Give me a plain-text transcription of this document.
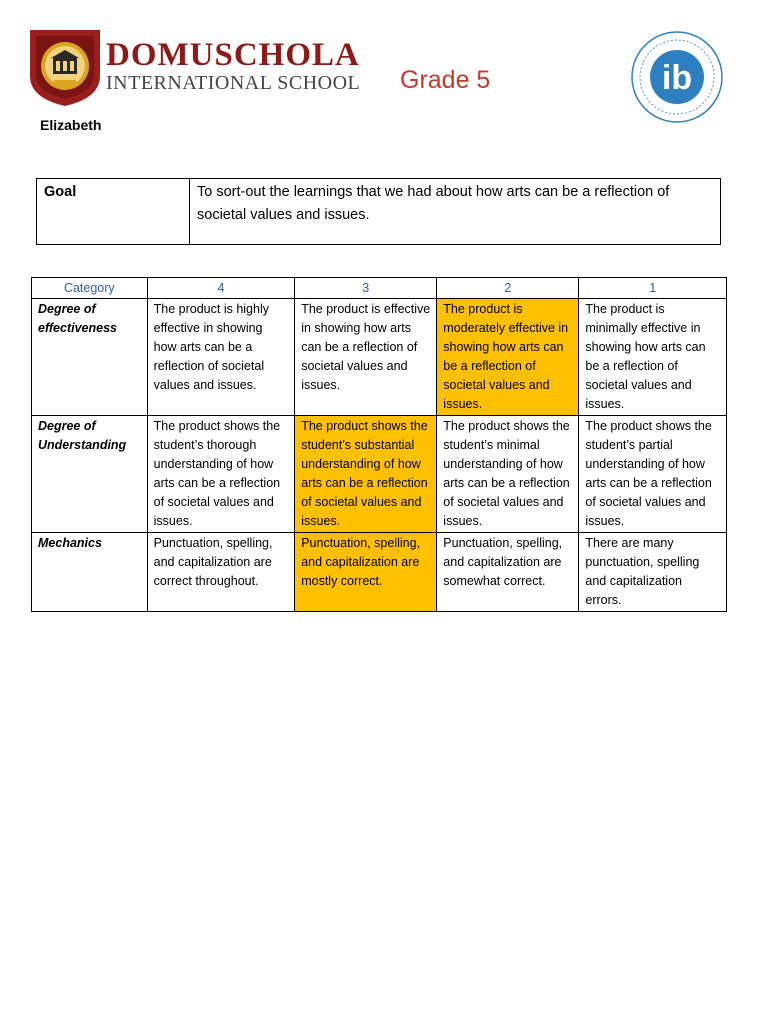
DOMUSCHOLA
INTERNATIONAL SCHOOL Grade 5	ib
Elizabeth
Goal	To sort-out the learnings that we had about how arts can be a reflection of societal values and issues.
Category	4	3	2	1
Degree of effectiveness	The product is highly effective in showing how arts can be a reflection of societal values and issues.	The product is effective in showing how arts can be a reflection of societal values and issues.	The product is moderately effective in showing how arts can be a reflection of societal values and issues.	The product is minimally effective in showing how arts can be a reflection of societal values and issues.
Degree of Understanding	The product shows the student’s thorough understanding of how arts can be a reflection of societal values and issues.	The product shows the student’s substantial understanding of how arts can be a reflection of societal values and issues.	The product shows the student’s minimal understanding of how arts can be a reflection of societal values and issues.	The product shows the student’s partial understanding of how arts can be a reflection of societal values and issues.
Mechanics	Punctuation, spelling, and capitalization are correct throughout.	Punctuation, spelling, and capitalization are mostly correct.	Punctuation, spelling, and capitalization are somewhat correct.	There are many punctuation, spelling and capitalization errors.
